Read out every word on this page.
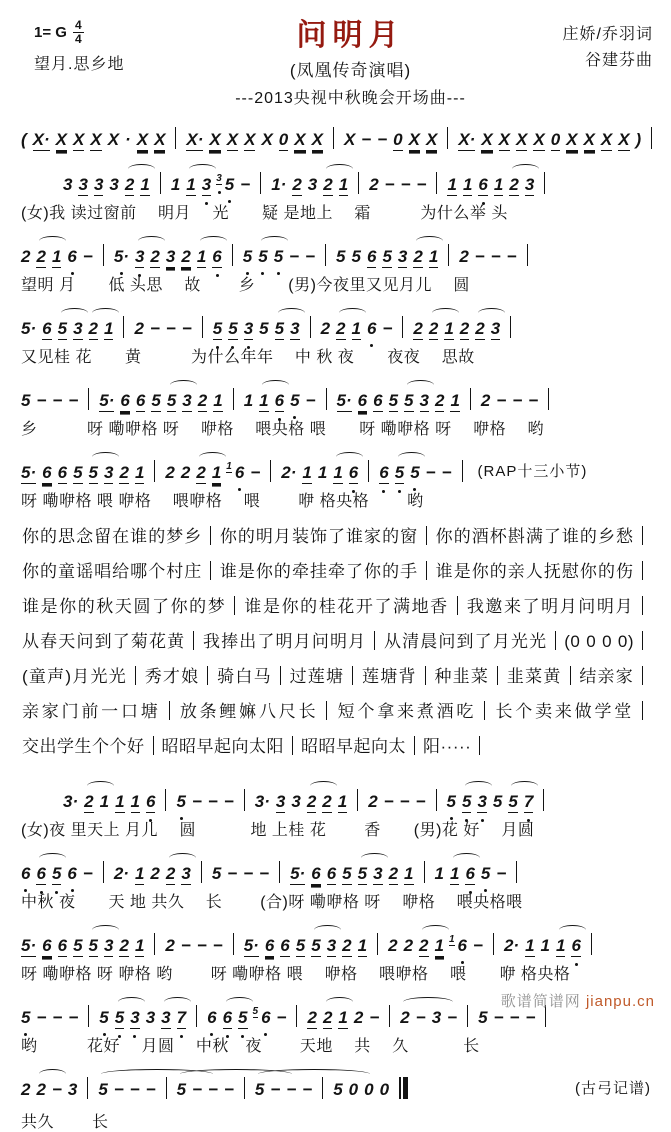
1= G $\frac{4}{4}$
望月.思乡地
问明月
(凤凰传奇演唱)
---2013央视中秋晚会开场曲---
庄娇/乔羽词
谷建芬曲
( X· X X X X · X X X· X X X X 0 X X X − − 0 X X X· X X X X 0 X X X X )
3 3 3 3 2 1 1 1 3 3 5 − 1· 2 3 2 1 2 − − − 1 1 6 1 2 3
(女)我 读过窗前　 明月　 光　　疑 是地上　 霜　　　为什么举 头
2 2 1 6 − 5· 3 2 3 2 1 6 5 5 5 − − 5 5 6 5 3 2 1 2 − − −
望明 月　　低 头思　 故　　 乡　　(男)今夜里又见月儿　 圆
5· 6 5 3 2 1 2 − − − 5 5 3 5 5 3 2 2 1 6 − 2 2 1 2 2 3
又见桂 花　　黄　　　为什么年年　 中 秋 夜　　夜夜　 思故
5 − − − 5· 6 6 5 5 3 2 1 1 1 6 5 − 5· 6 6 5 5 3 2 1 2 − − −
乡　　　呀 嘞咿格 呀　 咿格　 喂央格 喂　　呀 嘞咿格 呀　 咿格　 哟
5· 6 6 5 5 3 2 1 2 2 2 1 1 6 − 2· 1 1 1 6 6 5 5 − − (RAP十三小节)
呀 嘞咿格 喂 咿格　 喂咿格　 喂　　 咿 格央格　　 哟
你的思念留在谁的梦乡 你的明月装饰了谁家的窗 你的酒杯斟满了谁的乡愁你的童谣唱给哪个村庄 谁是你的牵挂牵了你的手 谁是你的亲人抚慰你的伤谁是你的秋天圆了你的梦 谁是你的桂花开了满地香 我邀来了明月问明月从春天问到了菊花黄 我捧出了明月问明月 从清晨问到了月光光 (0 0 0 0)(童声)月光光 秀才娘 骑白马 过莲塘 莲塘背 种韭菜 韭菜黄 结亲家亲家门前一口塘 放条鲤嫲八尺长 短个拿来煮酒吃 长个卖来做学堂交出学生个个好 昭昭早起向太阳 昭昭早起向太 阳·····
3· 2 1 1 1 6 5 − − − 3· 3 3 2 2 1 2 − − − 5 5 3 5 5 7
(女)夜 里天上 月儿　 圆　　　 地 上桂 花　　 香　　(男)花 好　 月圆
6 6 5 6 − 2· 1 2 2 3 5 − − − 5· 6 6 5 5 3 2 1 1 1 6 5 −
中秋 夜　　天 地 共久　 长　　 (合)呀 嘞咿格 呀　 咿格　 喂央格喂
5· 6 6 5 5 3 2 1 2 − − − 5· 6 6 5 5 3 2 1 2 2 2 1 1 6 − 2· 1 1 1 6
呀 嘞咿格 呀 咿格 哟　　 呀 嘞咿格 喂　 咿格　 喂咿格　 喂　　咿 格央格
5 − − − 5 5 3 3 3 7 6 6 5 5 6 − 2 2 1 2 − 2 − 3 − 5 − − −
哟　　　花好　 月圆　 中秋　夜　　 天地　 共　 久　　　 长
2 2 − 3 5 − − − 5 − − − 5 − − − 5 0 0 0	(古弓记谱)
共久　　 长
歌谱简谱网 jianpu.cn
